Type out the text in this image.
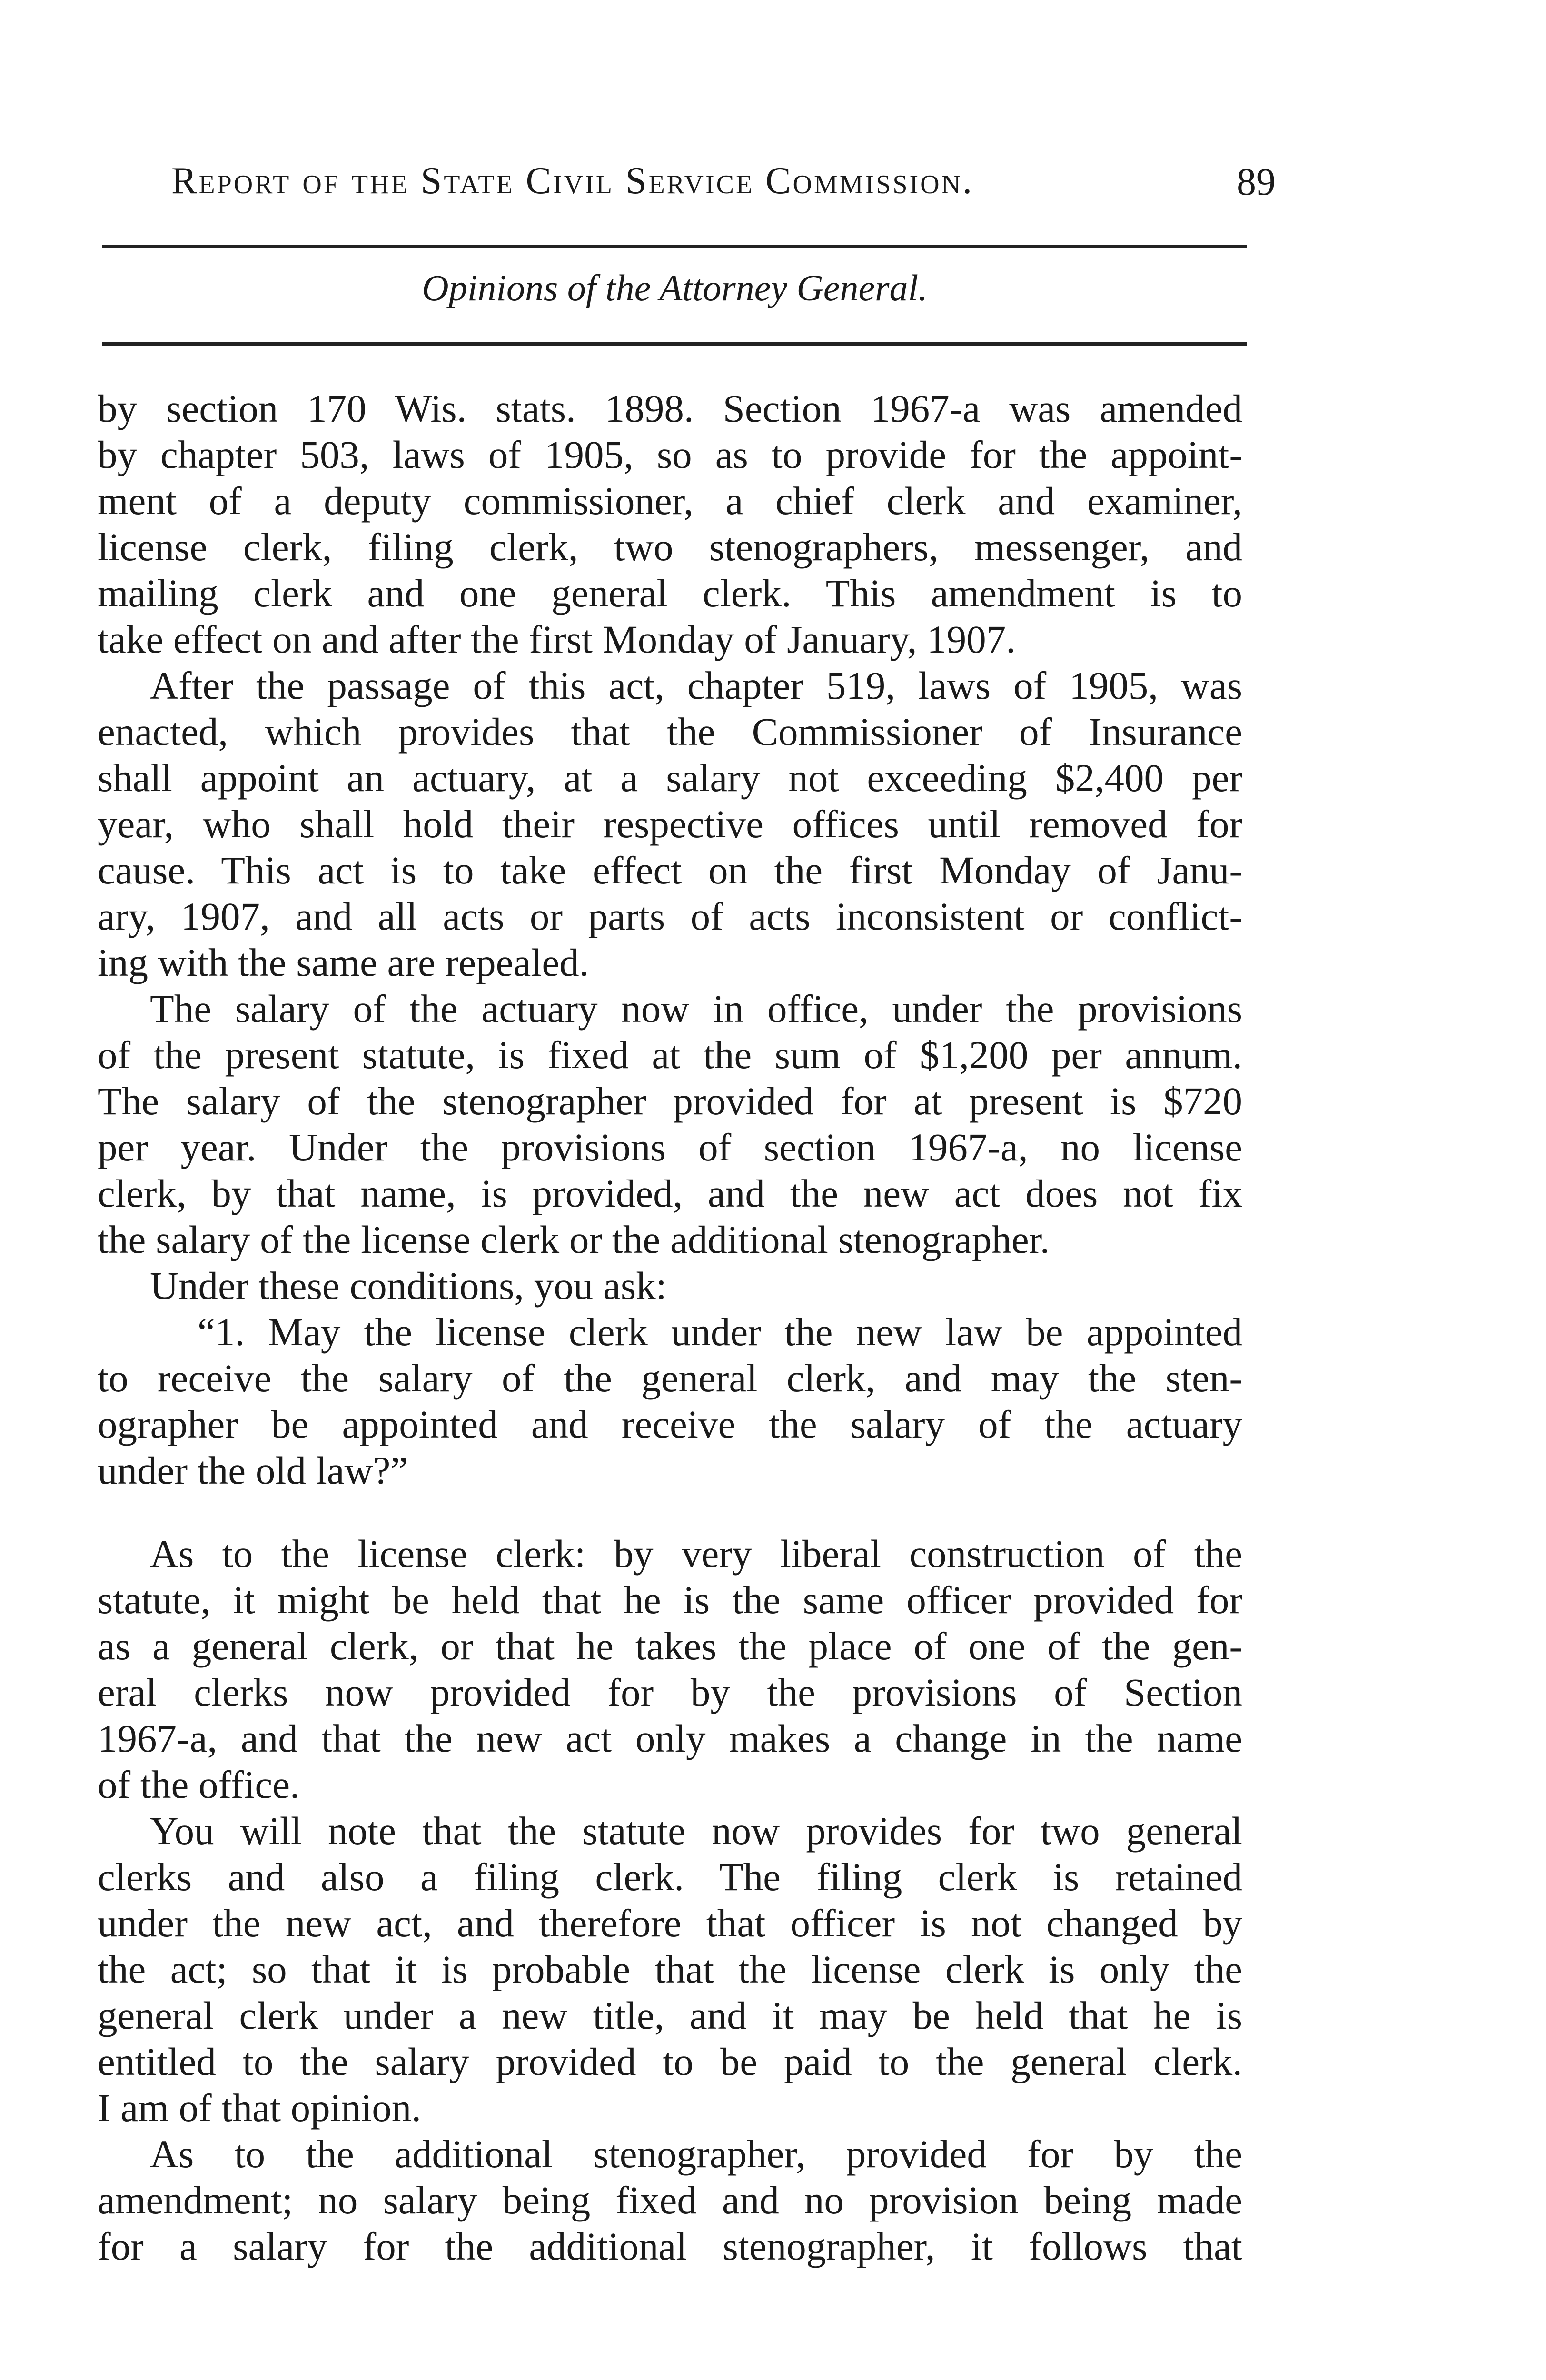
Report of the State Civil Service Commission.	89
Opinions of the Attorney General.
by section 170 Wis. stats. 1898. Section 1967-a was amended
by chapter 503, laws of 1905, so as to provide for the appoint-
ment of a deputy commissioner, a chief clerk and examiner,
license clerk, filing clerk, two stenographers, messenger, and
mailing clerk and one general clerk. This amendment is to
take effect on and after the first Monday of January, 1907.
After the passage of this act, chapter 519, laws of 1905, was
enacted, which provides that the Commissioner of Insurance
shall appoint an actuary, at a salary not exceeding $2,400 per
year, who shall hold their respective offices until removed for
cause. This act is to take effect on the first Monday of Janu-
ary, 1907, and all acts or parts of acts inconsistent or conflict-
ing with the same are repealed.
The salary of the actuary now in office, under the provisions
of the present statute, is fixed at the sum of $1,200 per annum.
The salary of the stenographer provided for at present is $720
per year. Under the provisions of section 1967-a, no license
clerk, by that name, is provided, and the new act does not fix
the salary of the license clerk or the additional stenographer.
Under these conditions, you ask:
“1. May the license clerk under the new law be appointed
to receive the salary of the general clerk, and may the sten-
ographer be appointed and receive the salary of the actuary
under the old law?”
As to the license clerk: by very liberal construction of the
statute, it might be held that he is the same officer provided for
as a general clerk, or that he takes the place of one of the gen-
eral clerks now provided for by the provisions of Section
1967-a, and that the new act only makes a change in the name
of the office.
You will note that the statute now provides for two general
clerks and also a filing clerk. The filing clerk is retained
under the new act, and therefore that officer is not changed by
the act; so that it is probable that the license clerk is only the
general clerk under a new title, and it may be held that he is
entitled to the salary provided to be paid to the general clerk.
I am of that opinion.
As to the additional stenographer, provided for by the
amendment; no salary being fixed and no provision being made
for a salary for the additional stenographer, it follows that
